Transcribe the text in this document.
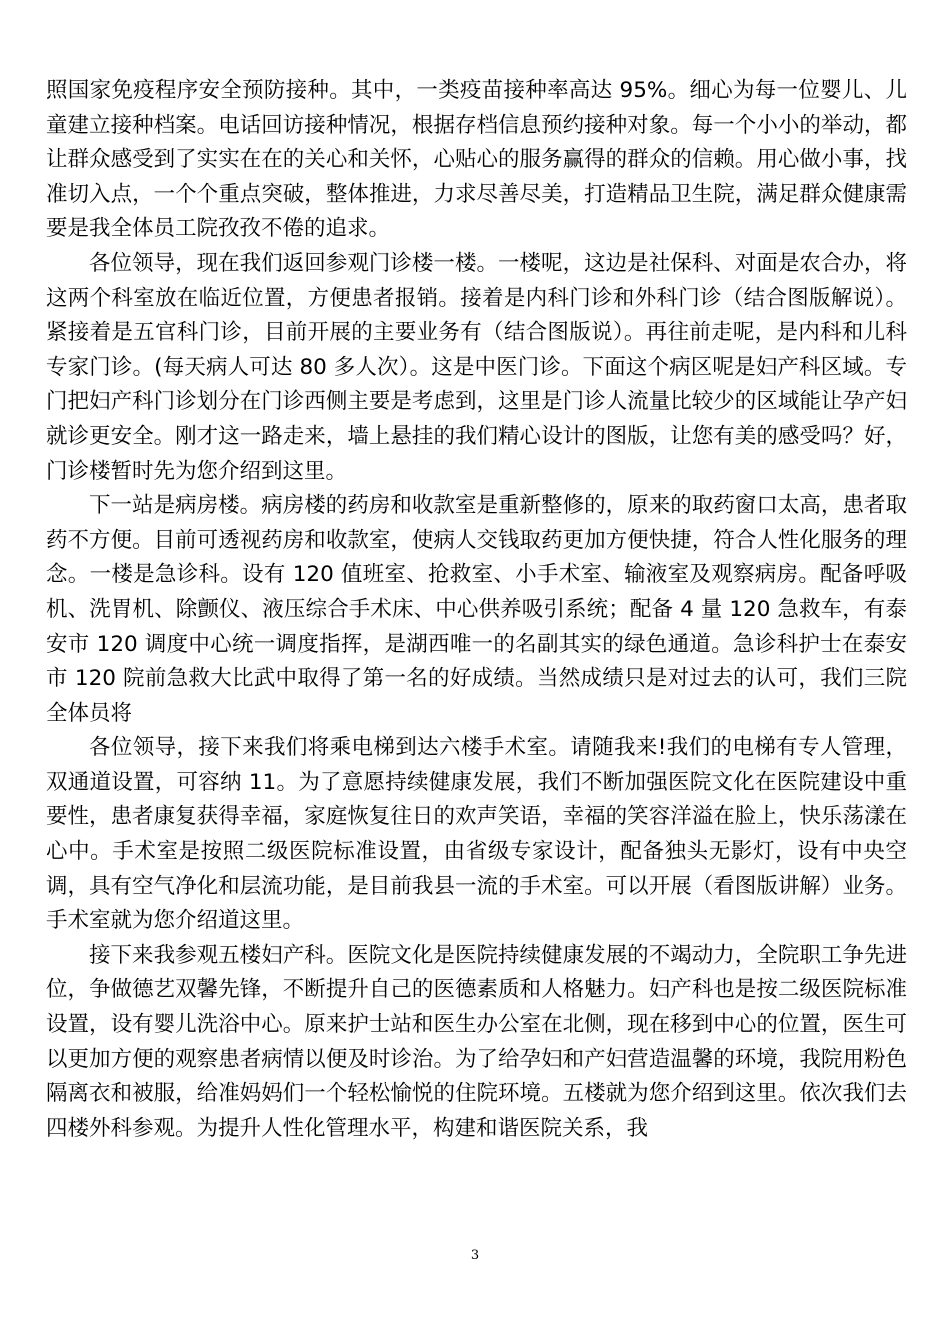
照国家免疫程序安全预防接种。其中，一类疫苗接种率高达 95%。细心为每一位婴儿、儿童建立接种档案。电话回访接种情况，根据存档信息预约接种对象。每一个小小的举动，都让群众感受到了实实在在的关心和关怀，心贴心的服务赢得的群众的信赖。用心做小事，找准切入点，一个个重点突破，整体推进，力求尽善尽美，打造精品卫生院，满足群众健康需要是我全体员工院孜孜不倦的追求。

各位领导，现在我们返回参观门诊楼一楼。一楼呢，这边是社保科、对面是农合办，将这两个科室放在临近位置，方便患者报销。接着是内科门诊和外科门诊（结合图版解说）。紧接着是五官科门诊，目前开展的主要业务有（结合图版说）。再往前走呢，是内科和儿科专家门诊。(每天病人可达 80 多人次）。这是中医门诊。下面这个病区呢是妇产科区域。专门把妇产科门诊划分在门诊西侧主要是考虑到，这里是门诊人流量比较少的区域能让孕产妇就诊更安全。刚才这一路走来，墙上悬挂的我们精心设计的图版，让您有美的感受吗？好，门诊楼暂时先为您介绍到这里。

下一站是病房楼。病房楼的药房和收款室是重新整修的，原来的取药窗口太高，患者取药不方便。目前可透视药房和收款室，使病人交钱取药更加方便快捷，符合人性化服务的理念。一楼是急诊科。设有 120 值班室、抢救室、小手术室、输液室及观察病房。配备呼吸机、洗胃机、除颤仪、液压综合手术床、中心供养吸引系统；配备 4 量 120 急救车，有泰安市 120 调度中心统一调度指挥，是湖西唯一的名副其实的绿色通道。急诊科护士在泰安市 120 院前急救大比武中取得了第一名的好成绩。当然成绩只是对过去的认可，我们三院全体员将

各位领导，接下来我们将乘电梯到达六楼手术室。请随我来!我们的电梯有专人管理，双通道设置，可容纳 11。为了意愿持续健康发展，我们不断加强医院文化在医院建设中重要性，患者康复获得幸福，家庭恢复往日的欢声笑语，幸福的笑容洋溢在脸上，快乐荡漾在心中。手术室是按照二级医院标准设置，由省级专家设计，配备独头无影灯，设有中央空调，具有空气净化和层流功能，是目前我县一流的手术室。可以开展（看图版讲解）业务。手术室就为您介绍道这里。

接下来我参观五楼妇产科。医院文化是医院持续健康发展的不竭动力，全院职工争先进位，争做德艺双馨先锋，不断提升自己的医德素质和人格魅力。妇产科也是按二级医院标准设置，设有婴儿洗浴中心。原来护士站和医生办公室在北侧，现在移到中心的位置，医生可以更加方便的观察患者病情以便及时诊治。为了给孕妇和产妇营造温馨的环境，我院用粉色隔离衣和被服，给准妈妈们一个轻松愉悦的住院环境。五楼就为您介绍到这里。依次我们去四楼外科参观。为提升人性化管理水平，构建和谐医院关系，我

3
